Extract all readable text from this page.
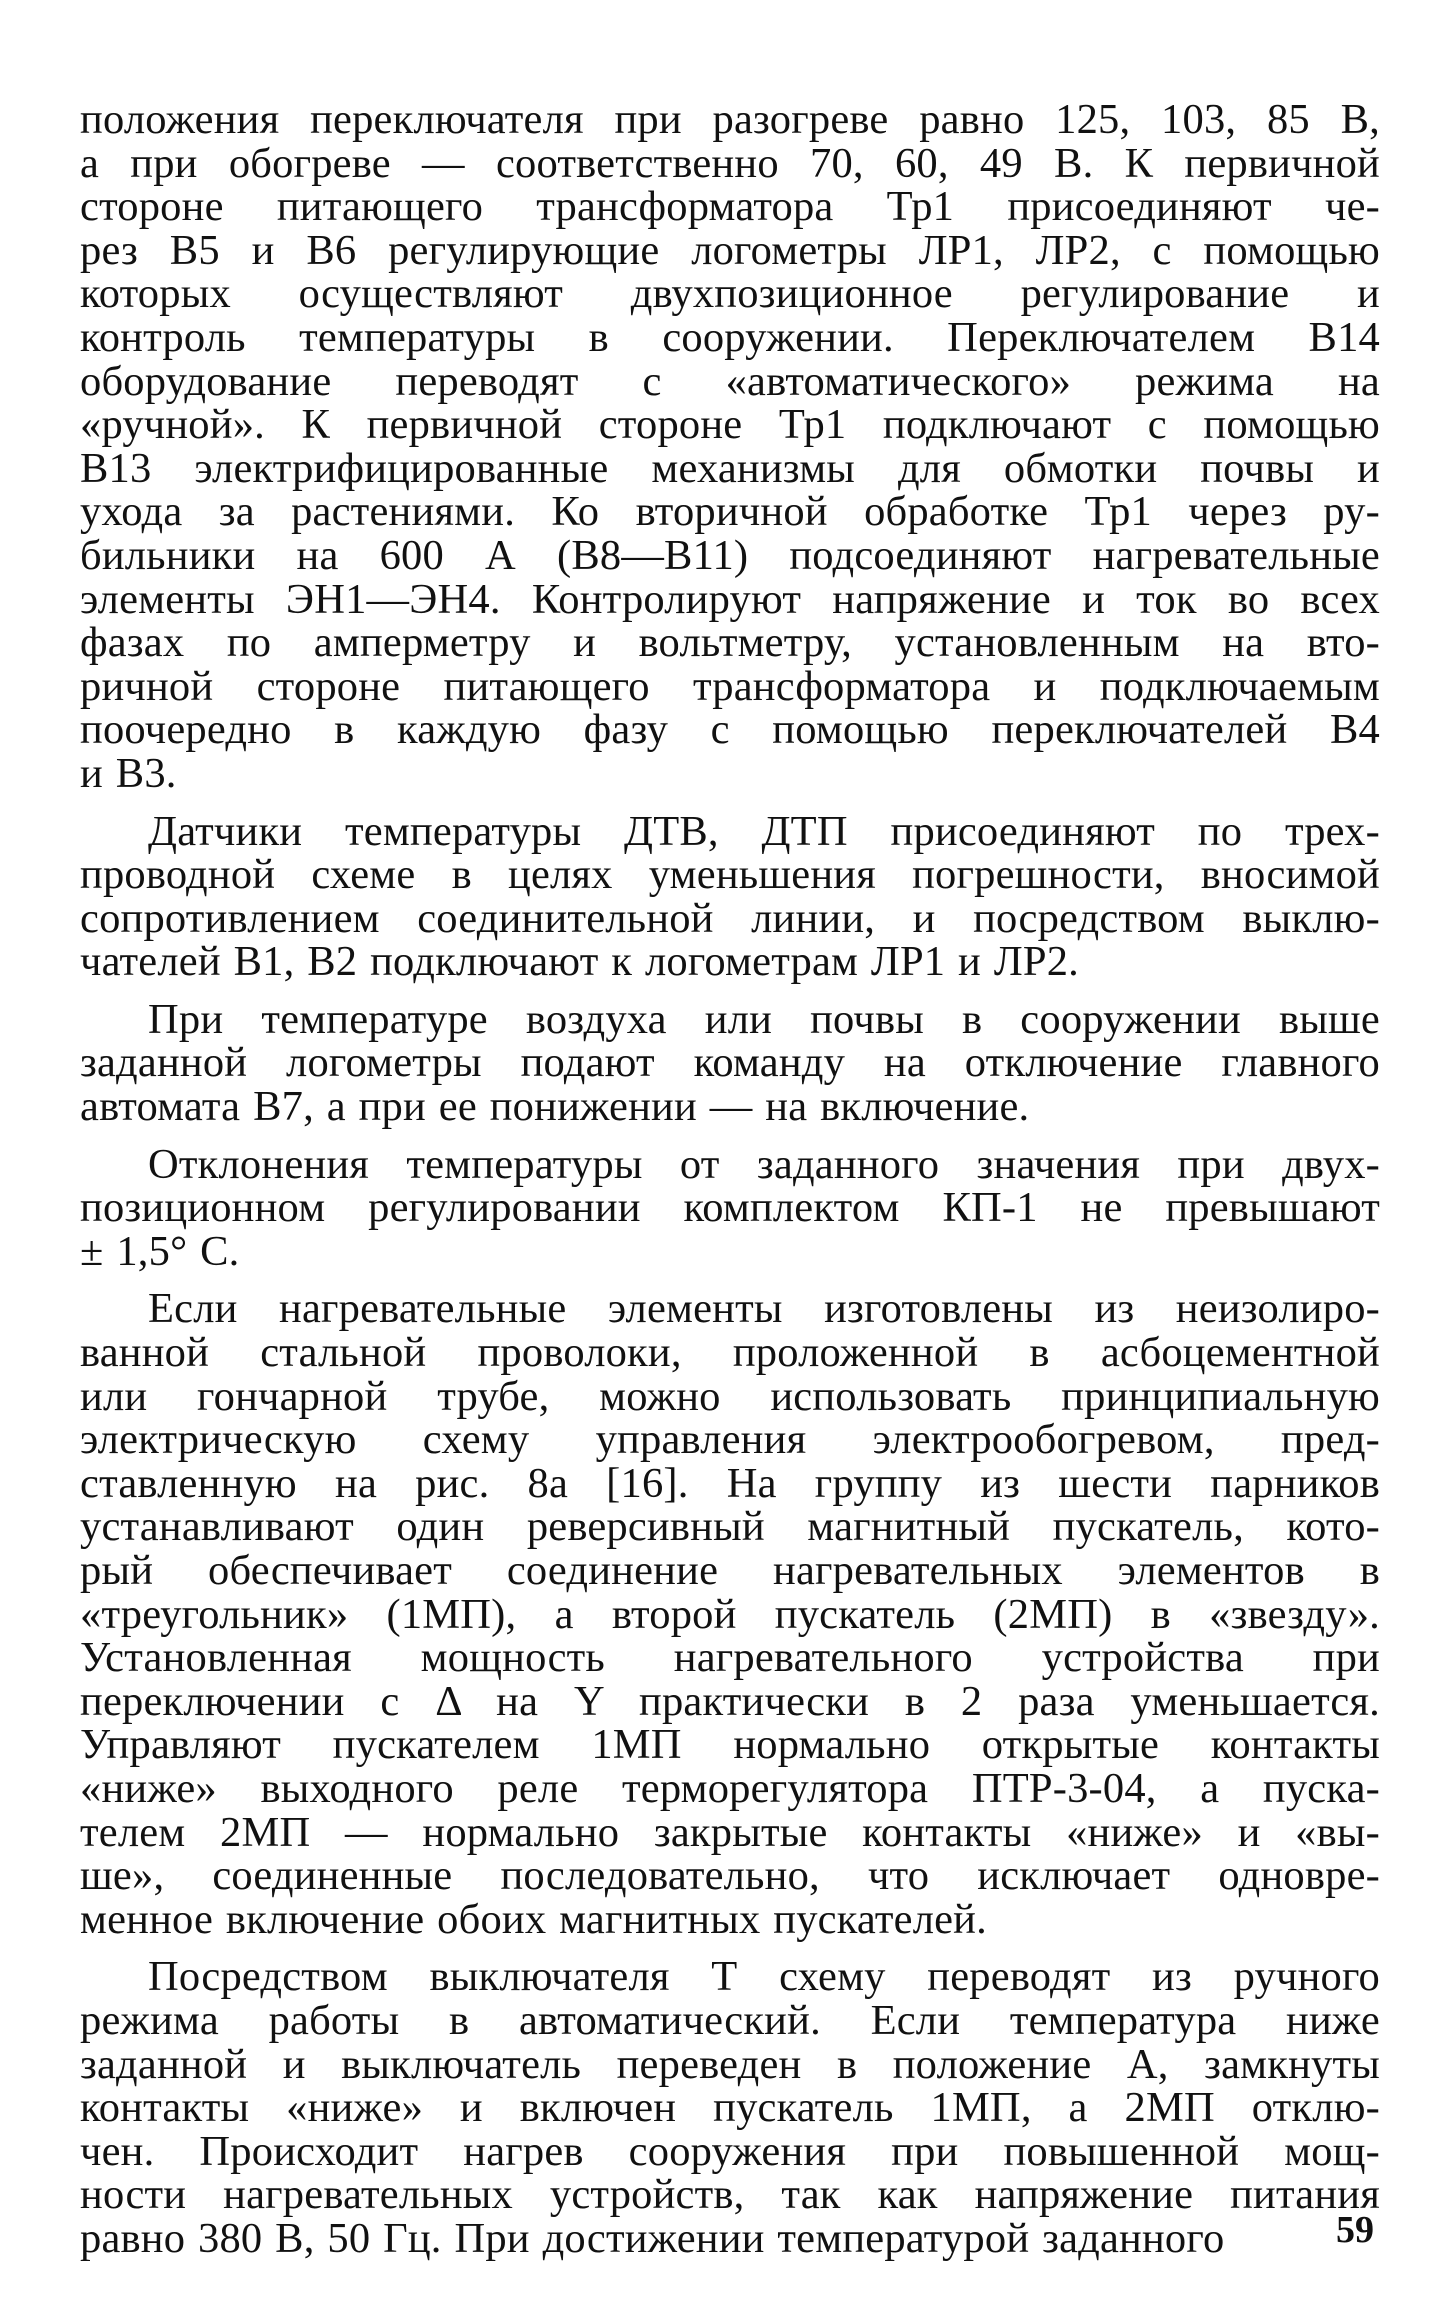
положения переключателя при разогреве равно 125, 103, 85 В,
а при обогреве — соответственно 70, 60, 49 В. К первичной
стороне питающего трансформатора Тр1 присоединяют че-
рез В5 и В6 регулирующие логометры ЛР1, ЛР2, с помощью
которых осуществляют двухпозиционное регулирование и
контроль температуры в сооружении. Переключателем В14
оборудование переводят с «автоматического» режима на
«ручной». К первичной стороне Тр1 подключают с помощью
В13 электрифицированные механизмы для обмотки почвы и
ухода за растениями. Ко вторичной обработке Тр1 через ру-
бильники на 600 А (В8—В11) подсоединяют нагревательные
элементы ЭН1—ЭН4. Контролируют напряжение и ток во всех
фазах по амперметру и вольтметру, установленным на вто-
ричной стороне питающего трансформатора и подключаемым
поочередно в каждую фазу с помощью переключателей В4
и В3.

Датчики температуры ДТВ, ДТП присоединяют по трех-
проводной схеме в целях уменьшения погрешности, вносимой
сопротивлением соединительной линии, и посредством выклю-
чателей В1, В2 подключают к логометрам ЛР1 и ЛР2.

При температуре воздуха или почвы в сооружении выше
заданной логометры подают команду на отключение главного
автомата В7, а при ее понижении — на включение.

Отклонения температуры от заданного значения при двух-
позиционном регулировании комплектом КП-1 не превышают
± 1,5° С.

Если нагревательные элементы изготовлены из неизолиро-
ванной стальной проволоки, проложенной в асбоцементной
или гончарной трубе, можно использовать принципиальную
электрическую схему управления электрообогревом, пред-
ставленную на рис. 8а [16]. На группу из шести парников
устанавливают один реверсивный магнитный пускатель, кото-
рый обеспечивает соединение нагревательных элементов в
«треугольник» (1МП), а второй пускатель (2МП) в «звезду».
Установленная мощность нагревательного устройства при
переключении с Δ на Y практически в 2 раза уменьшается.
Управляют пускателем 1МП нормально открытые контакты
«ниже» выходного реле терморегулятора ПТР-3-04, а пуска-
телем 2МП — нормально закрытые контакты «ниже» и «вы-
ше», соединенные последовательно, что исключает одновре-
менное включение обоих магнитных пускателей.

Посредством выключателя Т схему переводят из ручного
режима работы в автоматический. Если температура ниже
заданной и выключатель переведен в положение А, замкнуты
контакты «ниже» и включен пускатель 1МП, а 2МП отклю-
чен. Происходит нагрев сооружения при повышенной мощ-
ности нагревательных устройств, так как напряжение питания
равно 380 В, 50 Гц. При достижении температурой заданного	59
